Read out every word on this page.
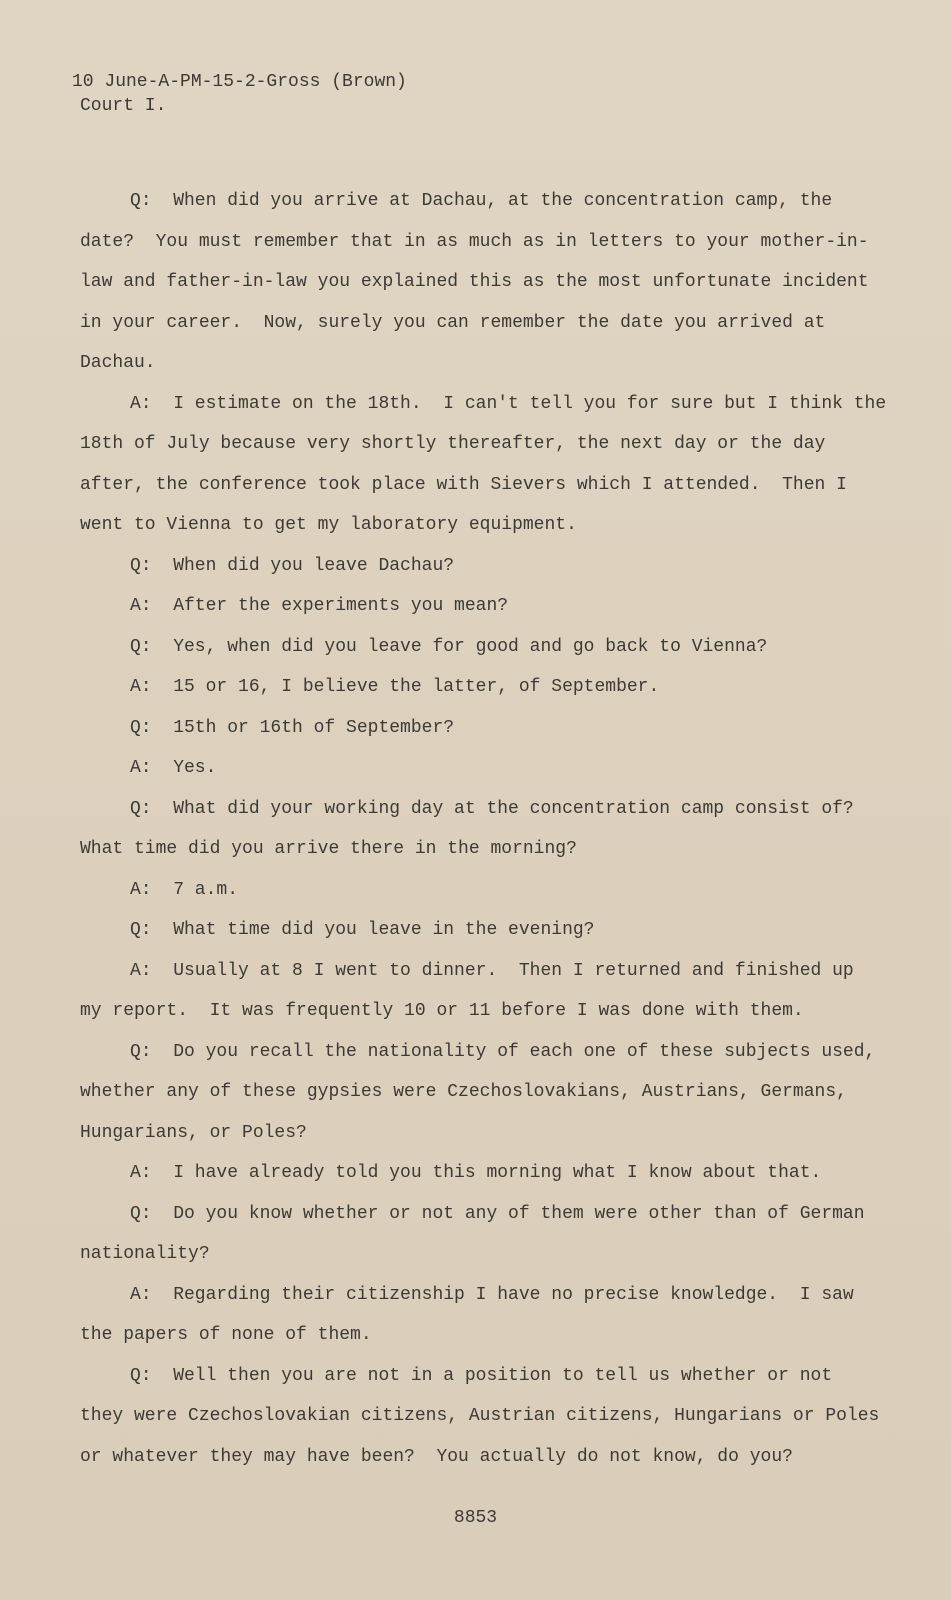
10 June-A-PM-15-2-Gross (Brown)
Court I.
Q:  When did you arrive at Dachau, at the concentration camp, the
date?  You must remember that in as much as in letters to your mother-in-
law and father-in-law you explained this as the most unfortunate incident
in your career.  Now, surely you can remember the date you arrived at
Dachau.
A:  I estimate on the 18th.  I can't tell you for sure but I think the
18th of July because very shortly thereafter, the next day or the day
after, the conference took place with Sievers which I attended.  Then I
went to Vienna to get my laboratory equipment.
Q:  When did you leave Dachau?
A:  After the experiments you mean?
Q:  Yes, when did you leave for good and go back to Vienna?
A:  15 or 16, I believe the latter, of September.
Q:  15th or 16th of September?
A:  Yes.
Q:  What did your working day at the concentration camp consist of?
What time did you arrive there in the morning?
A:  7 a.m.
Q:  What time did you leave in the evening?
A:  Usually at 8 I went to dinner.  Then I returned and finished up
my report.  It was frequently 10 or 11 before I was done with them.
Q:  Do you recall the nationality of each one of these subjects used,
whether any of these gypsies were Czechoslovakians, Austrians, Germans,
Hungarians, or Poles?
A:  I have already told you this morning what I know about that.
Q:  Do you know whether or not any of them were other than of German
nationality?
A:  Regarding their citizenship I have no precise knowledge.  I saw
the papers of none of them.
Q:  Well then you are not in a position to tell us whether or not
they were Czechoslovakian citizens, Austrian citizens, Hungarians or Poles
or whatever they may have been?  You actually do not know, do you?
8853
